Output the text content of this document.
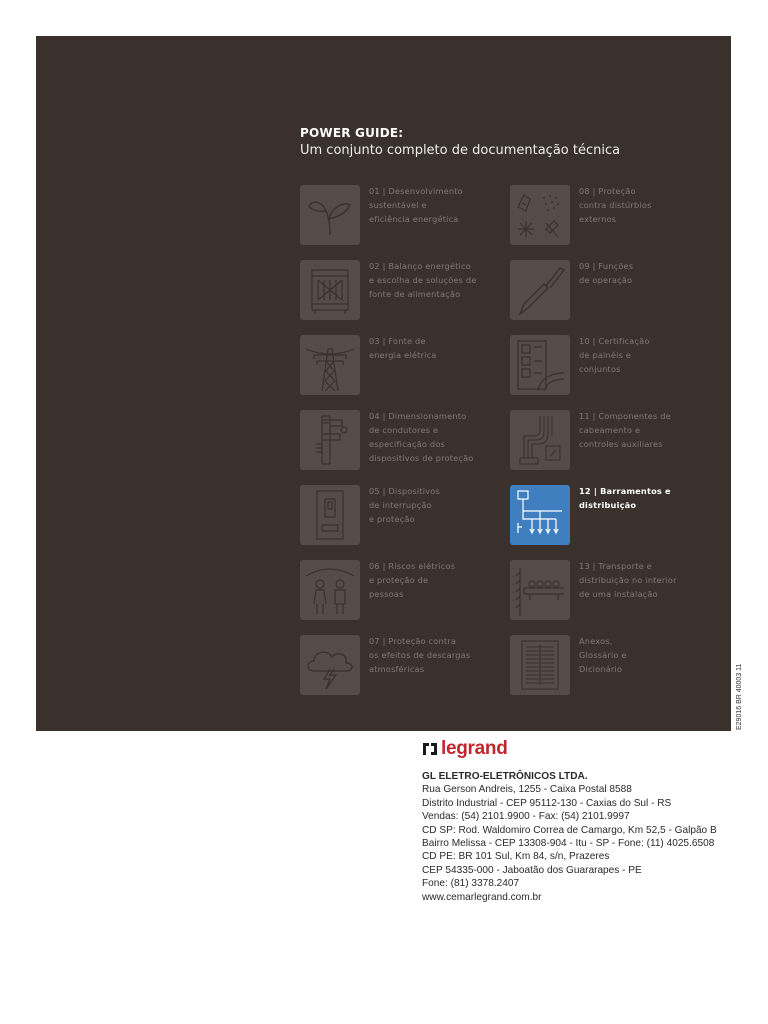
POWER GUIDE:
Um conjunto completo de documentação técnica
01 | Desenvolvimento
sustentável e
eficiência energética
02 | Balanço energético
e escolha de soluções de
fonte de alimentação
03 | Fonte de
energia elétrica
04 | Dimensionamento
de condutores e
especificação dos
dispositivos de proteção
05 | Dispositivos
de interrupção
e proteção
06 | Riscos elétricos
e proteção de
pessoas
07 | Proteção contra
os efeitos de descargas
atmosféricas
08 | Proteção
contra distúrbios
externos
09 | Funções
de operação
10 | Certificação
de painéis e
conjuntos
11 | Componentes de
cabeamento e
controles auxiliares
12 | Barramentos e
distribuição
13 | Transporte e
distribuição no interior
de uma instalação
Anexos,
Glossário e
Dicionário	E29016 BR 40003 11
legrand
GL ELETRO-ELETRÔNICOS LTDA.
Rua Gerson Andreis, 1255 - Caixa Postal 8588
Distrito Industrial - CEP 95112-130 - Caxias do Sul - RS
Vendas: (54) 2101.9900 - Fax: (54) 2101.9997
CD SP: Rod. Waldomiro Correa de Camargo, Km 52,5 - Galpão B
Bairro Melissa - CEP 13308-904 - Itu - SP - Fone: (11) 4025.6508
CD PE: BR 101 Sul, Km 84, s/n, Prazeres
CEP 54335-000 - Jaboatão dos Guararapes - PE
Fone: (81) 3378.2407
www.cemarlegrand.com.br
